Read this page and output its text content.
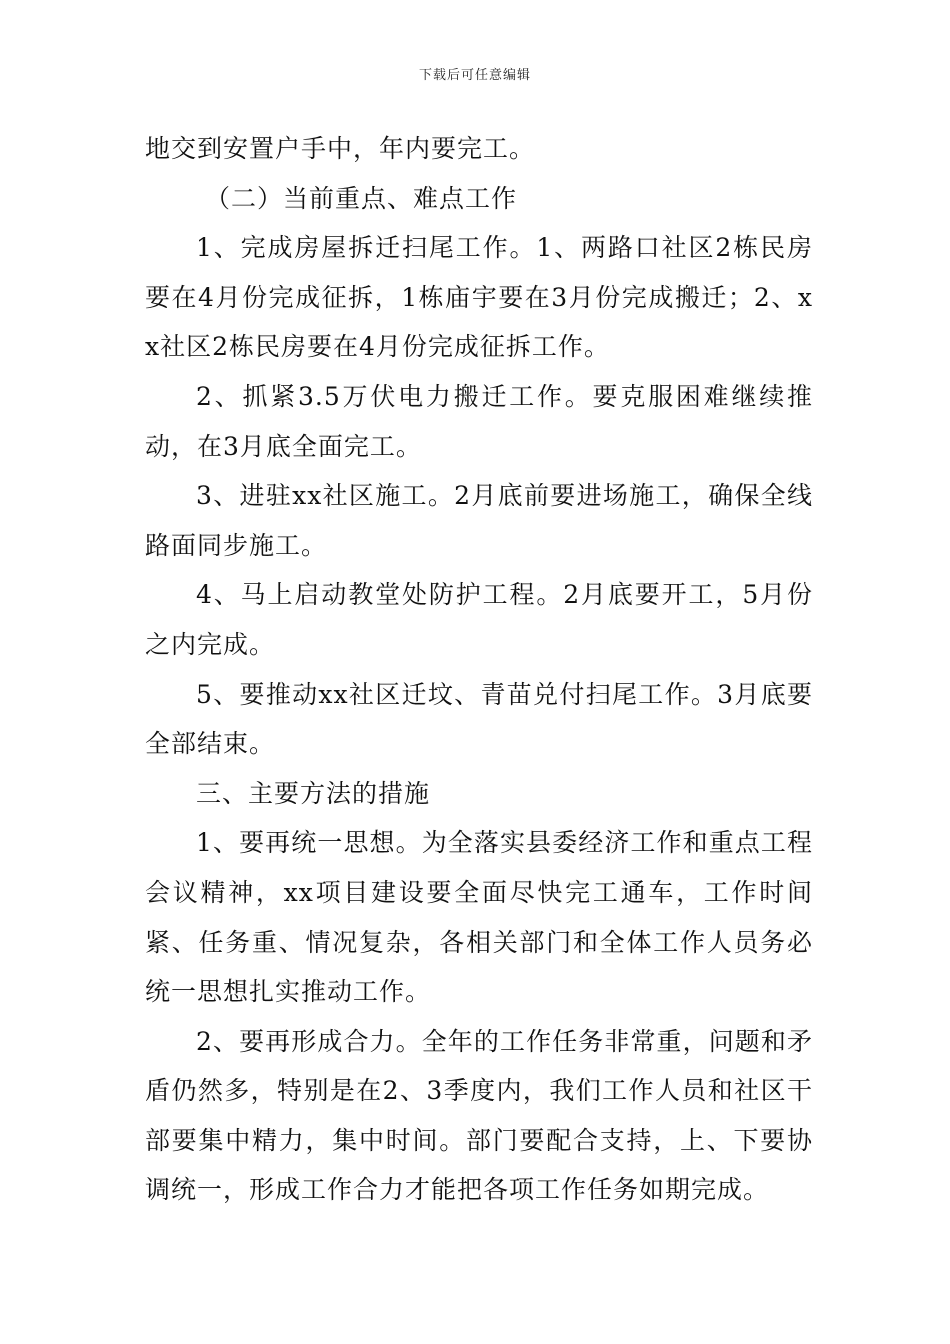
下载后可任意编辑

地交到安置户手中，年内要完工。

（二）当前重点、难点工作

1、完成房屋拆迁扫尾工作。1、两路口社区2栋民房要在4月份完成征拆，1栋庙宇要在3月份完成搬迁；2、xx社区2栋民房要在4月份完成征拆工作。

2、抓紧3.5万伏电力搬迁工作。要克服困难继续推动，在3月底全面完工。

3、进驻xx社区施工。2月底前要进场施工，确保全线路面同步施工。

4、马上启动教堂处防护工程。2月底要开工，5月份之内完成。

5、要推动xx社区迁坟、青苗兑付扫尾工作。3月底要全部结束。

三、主要方法的措施

1、要再统一思想。为全落实县委经济工作和重点工程会议精神，xx项目建设要全面尽快完工通车，工作时间紧、任务重、情况复杂，各相关部门和全体工作人员务必统一思想扎实推动工作。

2、要再形成合力。全年的工作任务非常重，问题和矛盾仍然多，特别是在2、3季度内，我们工作人员和社区干部要集中精力，集中时间。部门要配合支持，上、下要协调统一，形成工作合力才能把各项工作任务如期完成。
